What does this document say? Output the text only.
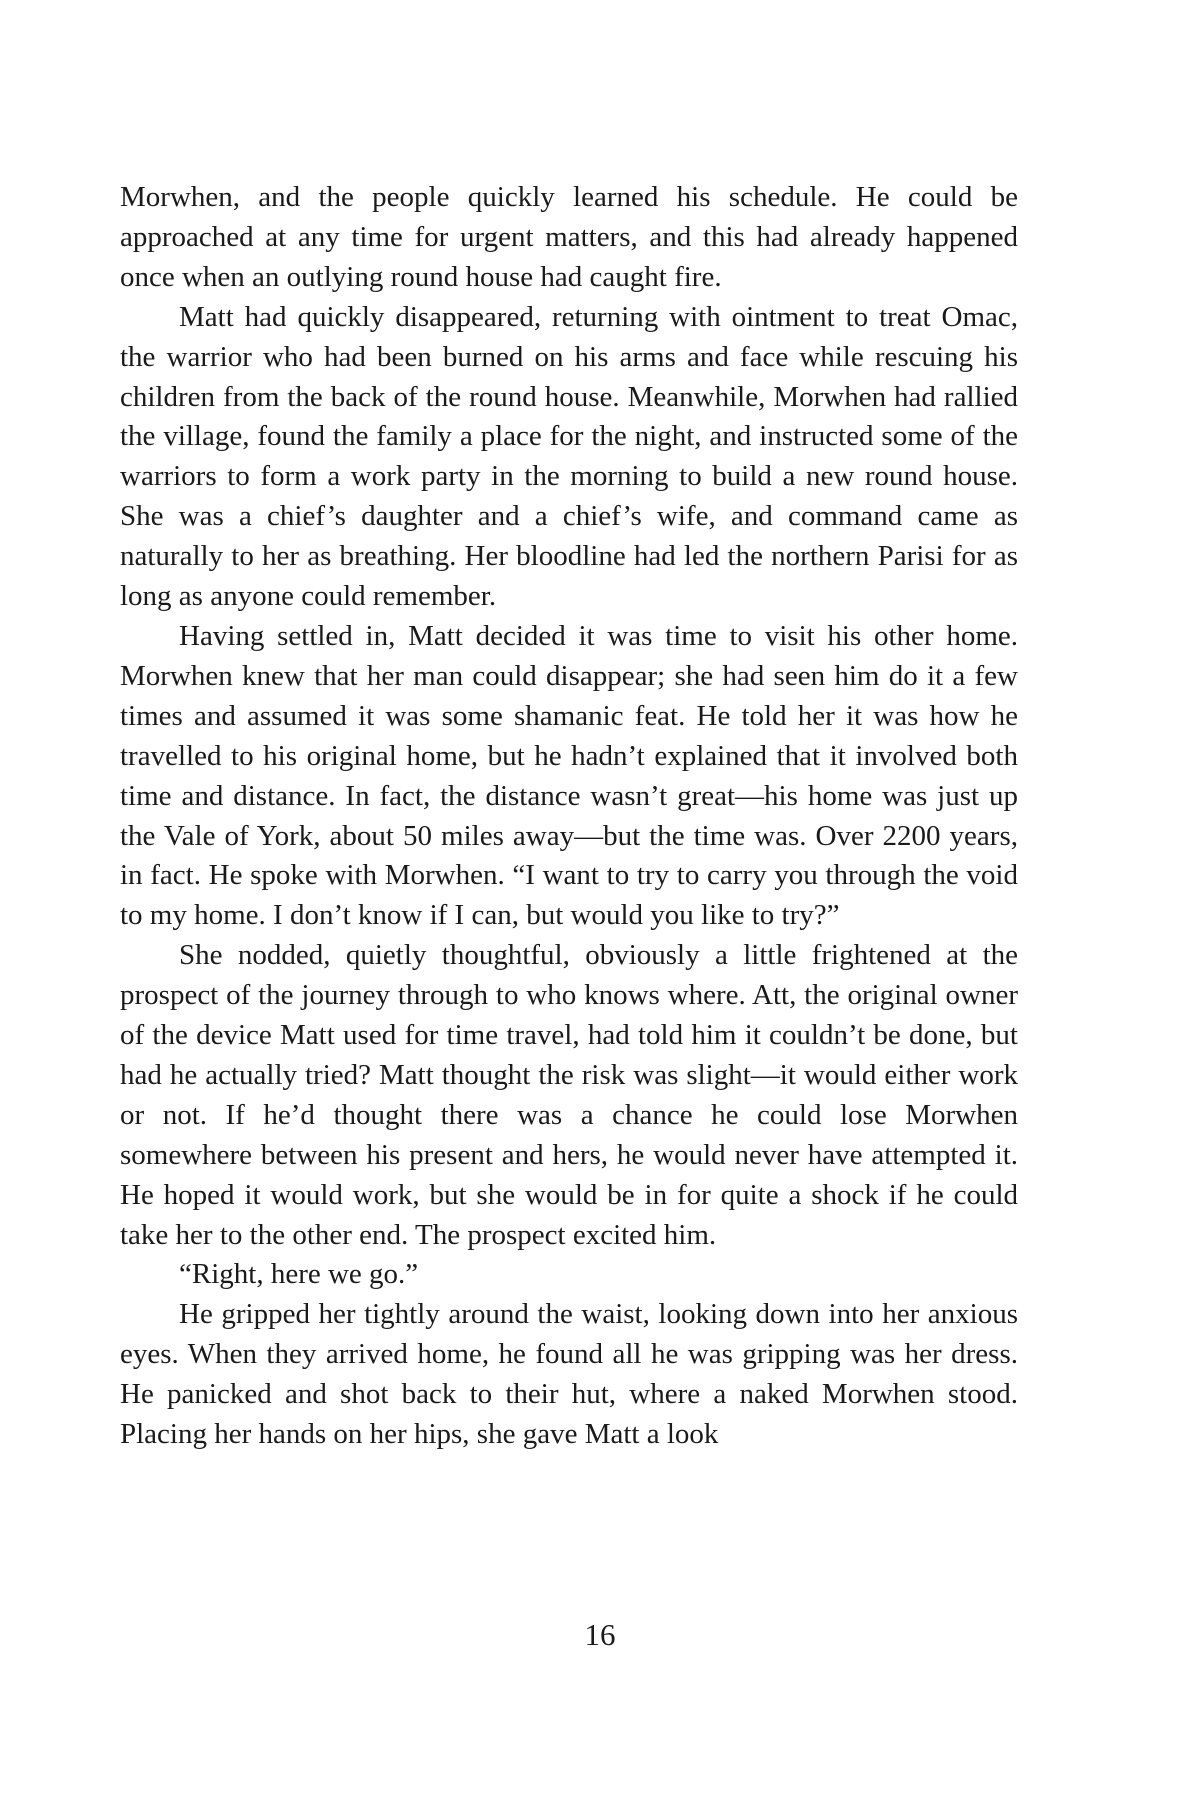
Morwhen, and the people quickly learned his schedule. He could be approached at any time for urgent matters, and this had already happened once when an outlying round house had caught fire.

Matt had quickly disappeared, returning with ointment to treat Omac, the warrior who had been burned on his arms and face while rescuing his children from the back of the round house. Meanwhile, Morwhen had rallied the village, found the family a place for the night, and instructed some of the warriors to form a work party in the morning to build a new round house. She was a chief’s daughter and a chief’s wife, and command came as naturally to her as breathing. Her bloodline had led the northern Parisi for as long as anyone could remember.

Having settled in, Matt decided it was time to visit his other home. Morwhen knew that her man could disappear; she had seen him do it a few times and assumed it was some shamanic feat. He told her it was how he travelled to his original home, but he hadn’t explained that it involved both time and distance. In fact, the distance wasn’t great—his home was just up the Vale of York, about 50 miles away—but the time was. Over 2200 years, in fact. He spoke with Morwhen. “I want to try to carry you through the void to my home. I don’t know if I can, but would you like to try?”

She nodded, quietly thoughtful, obviously a little frightened at the prospect of the journey through to who knows where. Att, the original owner of the device Matt used for time travel, had told him it couldn’t be done, but had he actually tried? Matt thought the risk was slight—it would either work or not. If he’d thought there was a chance he could lose Morwhen somewhere between his present and hers, he would never have attempted it. He hoped it would work, but she would be in for quite a shock if he could take her to the other end. The prospect excited him.

“Right, here we go.”

He gripped her tightly around the waist, looking down into her anxious eyes. When they arrived home, he found all he was gripping was her dress. He panicked and shot back to their hut, where a naked Morwhen stood. Placing her hands on her hips, she gave Matt a look

16
